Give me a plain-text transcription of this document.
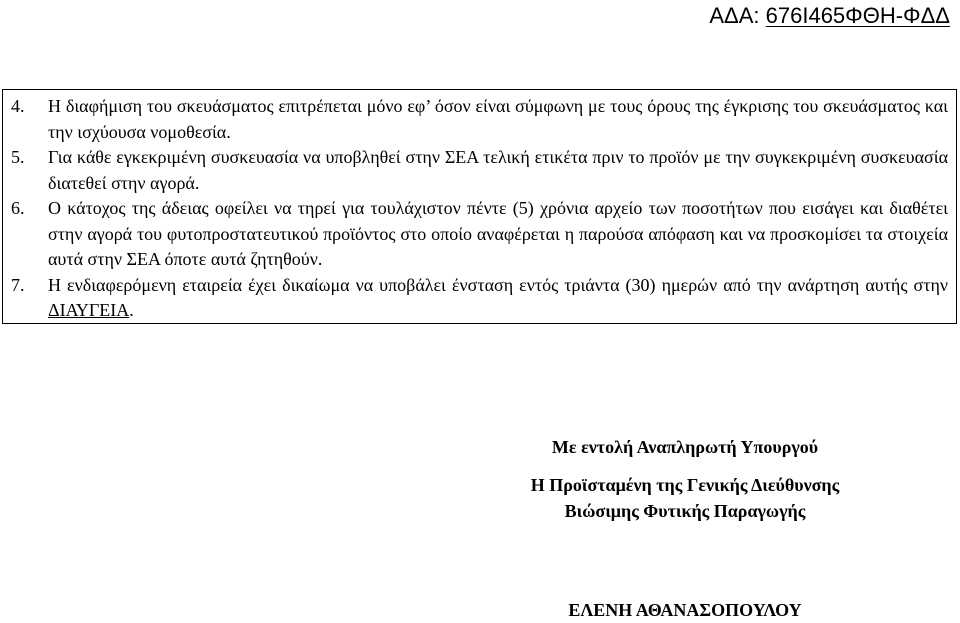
ΑΔΑ: 676Ι465ΦΘΗ-ΦΔΔ
4.	Η διαφήμιση του σκευάσματος επιτρέπεται μόνο εφ’ όσον είναι σύμφωνη με τους όρους της έγκρισης του σκευάσματος και την ισχύουσα νομοθεσία.
5.	Για κάθε εγκεκριμένη συσκευασία να υποβληθεί στην ΣΕΑ τελική ετικέτα πριν το προϊόν με την συγκεκριμένη συσκευασία διατεθεί στην αγορά.
6.	Ο κάτοχος της άδειας οφείλει να τηρεί για τουλάχιστον πέντε (5) χρόνια αρχείο των ποσοτήτων που εισάγει και διαθέτει στην αγορά του φυτοπροστατευτικού προϊόντος στο οποίο αναφέρεται η παρούσα απόφαση και να προσκομίσει τα στοιχεία αυτά στην ΣΕΑ όποτε αυτά ζητηθούν.
7.	Η ενδιαφερόμενη εταιρεία έχει δικαίωμα να υποβάλει ένσταση εντός τριάντα (30) ημερών από την ανάρτηση αυτής στην ΔΙΑΥΓΕΙΑ.
Με εντολή Αναπληρωτή Υπουργού
Η Προϊσταμένη της Γενικής Διεύθυνσης
Βιώσιμης Φυτικής Παραγωγής
ΕΛΕΝΗ ΑΘΑΝΑΣΟΠΟΥΛΟΥ
